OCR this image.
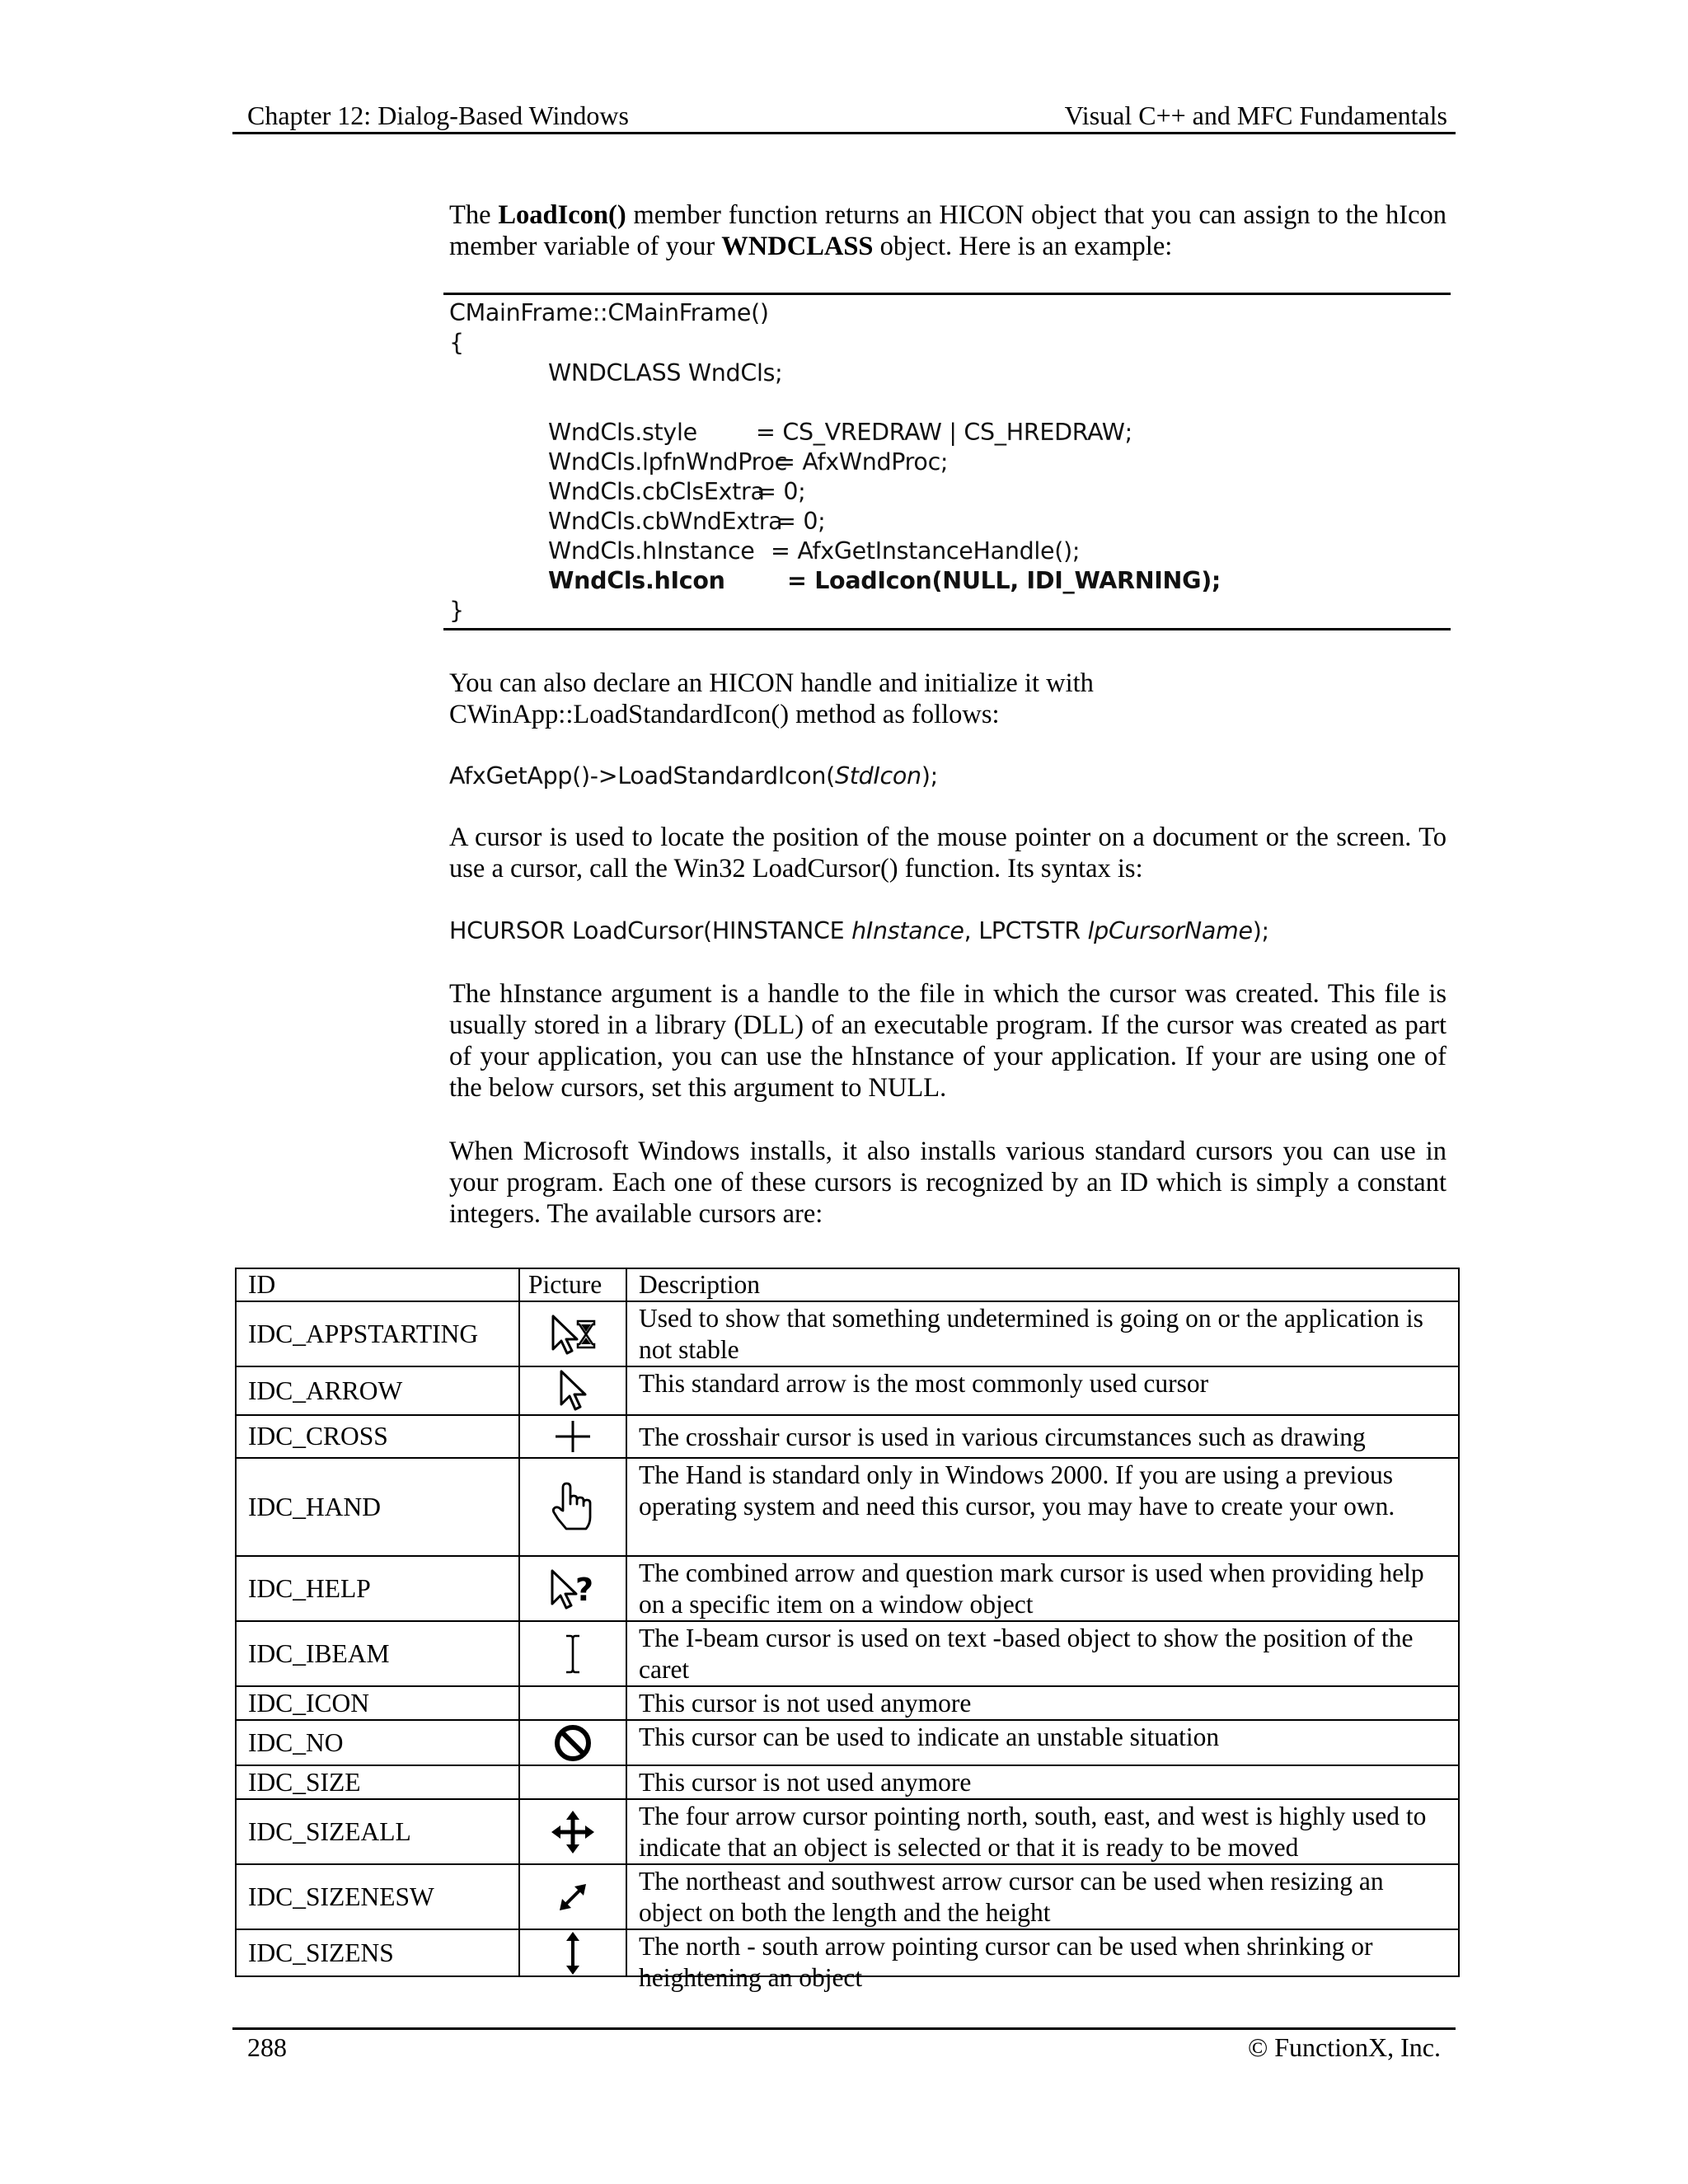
Chapter 12: Dialog-Based Windows	Visual C++ and MFC Fundamentals
The LoadIcon() member function returns an HICON object that you can assign to the hIcon member variable of your WNDCLASS object. Here is an example:
CMainFrame::CMainFrame()
{
WNDCLASS WndCls;
WndCls.style = CS_VREDRAW | CS_HREDRAW;
WndCls.lpfnWndProc
= AfxWndProc;
WndCls.cbClsExtra
= 0;
WndCls.cbWndExtra
= 0;
WndCls.hInstance = AfxGetInstanceHandle();
WndCls.hIcon	= LoadIcon(NULL, IDI_WARNING);
}
You can also declare an HICON handle and initialize it with
CWinApp::LoadStandardIcon() method as follows:
AfxGetApp()->LoadStandardIcon(StdIcon);
A cursor is used to locate the position of the mouse pointer on a document or the screen. To use a cursor, call the Win32 LoadCursor() function. Its syntax is:
HCURSOR LoadCursor(HINSTANCE hInstance, LPCTSTR lpCursorName);
The hInstance argument is a handle to the file in which the cursor was created. This file is usually stored in a library (DLL) of an executable program. If the cursor was created as part of your application, you can use the hInstance of your application. If your are using one of the below cursors, set this argument to NULL.
When Microsoft Windows installs, it also installs various standard cursors you can use in your program. Each one of these cursors is recognized by an ID which is simply a constant integers. The available cursors are:
ID	Picture	Description
IDC_APPSTARTING		Used to show that something undetermined is going on or the application is not stable
IDC_ARROW		This standard arrow is the most commonly used cursor
IDC_CROSS		The crosshair cursor is used in various circumstances such as drawing
IDC_HAND		The Hand is standard only in Windows 2000. If you are using a previous operating system and need this cursor, you may have to create your own.
IDC_HELP	?	The combined arrow and question mark cursor is used when providing help on a specific item on a window object
IDC_IBEAM		The I-beam cursor is used on text -based object to show the position of the caret
IDC_ICON		This cursor is not used anymore
IDC_NO		This cursor can be used to indicate an unstable situation
IDC_SIZE		This cursor is not used anymore
IDC_SIZEALL		The four arrow cursor pointing north, south, east, and west is highly used to indicate that an object is selected or that it is ready to be moved
IDC_SIZENESW		The northeast and southwest arrow cursor can be used when resizing an object on both the length and the height
IDC_SIZENS		The north - south arrow pointing cursor can be used when shrinking or heightening an object
288	© FunctionX, Inc.
